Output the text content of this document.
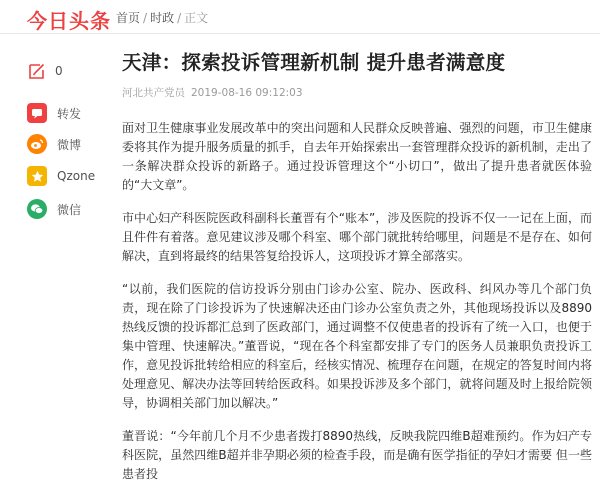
今日头条 首页 / 时政 / 正文
0
转发
微博
Qzone
微信
天津：探索投诉管理新机制 提升患者满意度
河北共产党员 2019-08-16 09:12:03

面对卫生健康事业发展改革中的突出问题和人民群众反映普遍、强烈的问题，市卫生健康委将其作为提升服务质量的抓手，自去年开始探索出一套管理群众投诉的新机制，走出了一条解决群众投诉的新路子。通过投诉管理这个“小切口”，做出了提升患者就医体验的“大文章”。

市中心妇产科医院医政科副科长董晋有个“账本”，涉及医院的投诉不仅一一记在上面，而且件件有着落。意见建议涉及哪个科室、哪个部门就批转给哪里，问题是不是存在、如何解决，直到将最终的结果答复给投诉人，这项投诉才算全部落实。

“以前，我们医院的信访投诉分别由门诊办公室、院办、医政科、纠风办等几个部门负责，现在除了门诊投诉为了快速解决还由门诊办公室负责之外，其他现场投诉以及8890热线反馈的投诉都汇总到了医政部门，通过调整不仅使患者的投诉有了统一入口，也便于集中管理、快速解决。”董晋说，“现在各个科室都安排了专门的医务人员兼职负责投诉工作，意见投诉批转给相应的科室后，经核实情况、梳理存在问题，在规定的答复时间内将处理意见、解决办法等回转给医政科。如果投诉涉及多个部门，就将问题及时上报给院领导，协调相关部门加以解决。”

董晋说：“今年前几个月不少患者拨打8890热线，反映我院四维B超难预约。作为妇产专科医院，虽然四维B超并非孕期必须的检查手段，而是确有医学指征的孕妇才需要 但一些患者投
